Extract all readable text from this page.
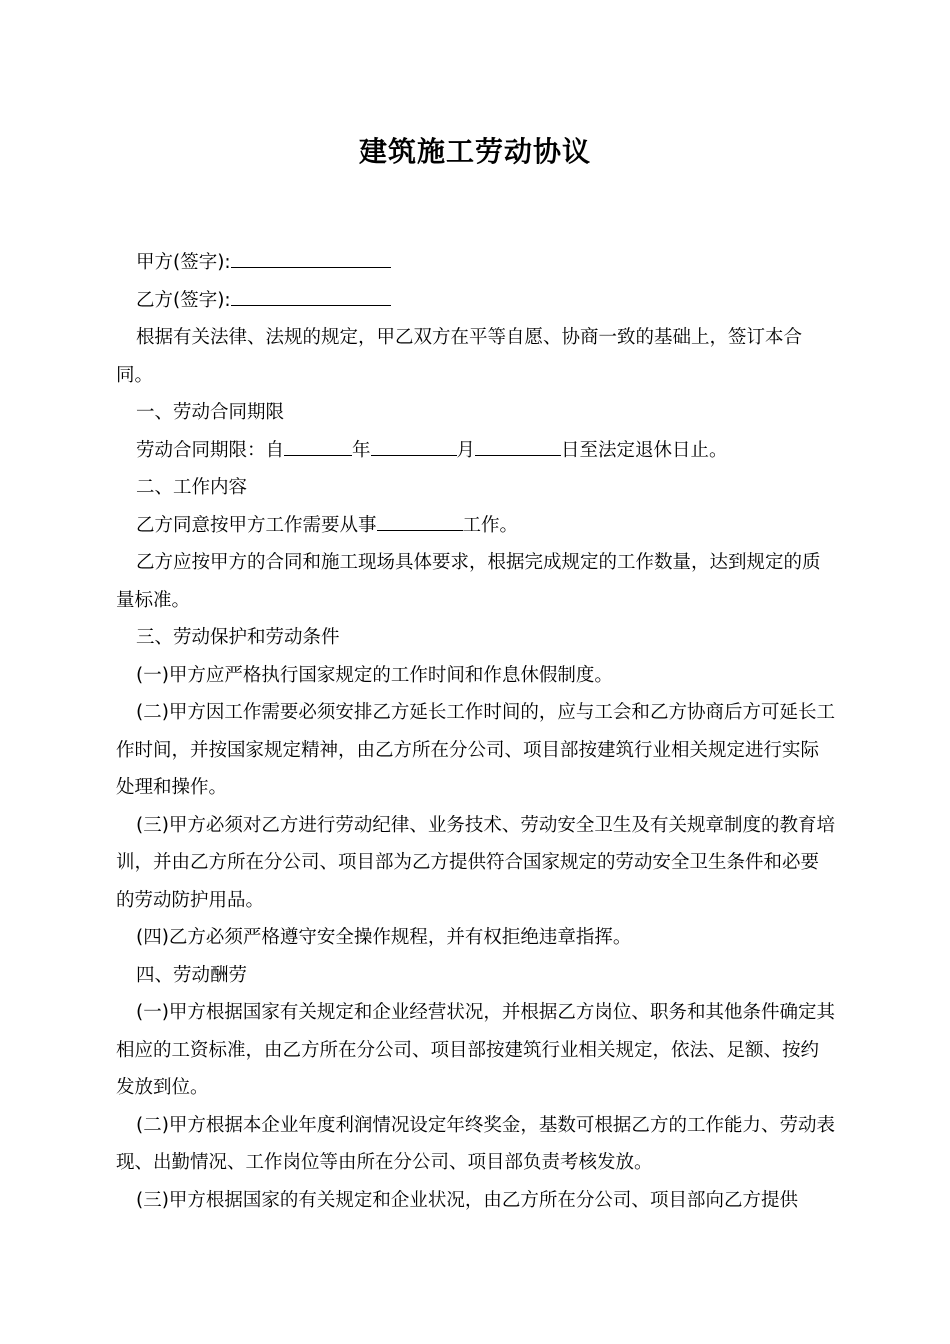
建筑施工劳动协议

甲方(签字):

乙方(签字):

根据有关法律、法规的规定，甲乙双方在平等自愿、协商一致的基础上，签订本合同。

一、劳动合同期限

劳动合同期限：自	年	月	日至法定退休日止。

二、工作内容

乙方同意按甲方工作需要从事	工作。

乙方应按甲方的合同和施工现场具体要求，根据完成规定的工作数量，达到规定的质量标准。

三、劳动保护和劳动条件

(一)甲方应严格执行国家规定的工作时间和作息休假制度。

(二)甲方因工作需要必须安排乙方延长工作时间的，应与工会和乙方协商后方可延长工作时间，并按国家规定精神，由乙方所在分公司、项目部按建筑行业相关规定进行实际处理和操作。

(三)甲方必须对乙方进行劳动纪律、业务技术、劳动安全卫生及有关规章制度的教育培训，并由乙方所在分公司、项目部为乙方提供符合国家规定的劳动安全卫生条件和必要的劳动防护用品。

(四)乙方必须严格遵守安全操作规程，并有权拒绝违章指挥。

四、劳动酬劳

(一)甲方根据国家有关规定和企业经营状况，并根据乙方岗位、职务和其他条件确定其相应的工资标准，由乙方所在分公司、项目部按建筑行业相关规定，依法、足额、按约发放到位。

(二)甲方根据本企业年度利润情况设定年终奖金，基数可根据乙方的工作能力、劳动表现、出勤情况、工作岗位等由所在分公司、项目部负责考核发放。

(三)甲方根据国家的有关规定和企业状况，由乙方所在分公司、项目部向乙方提供
